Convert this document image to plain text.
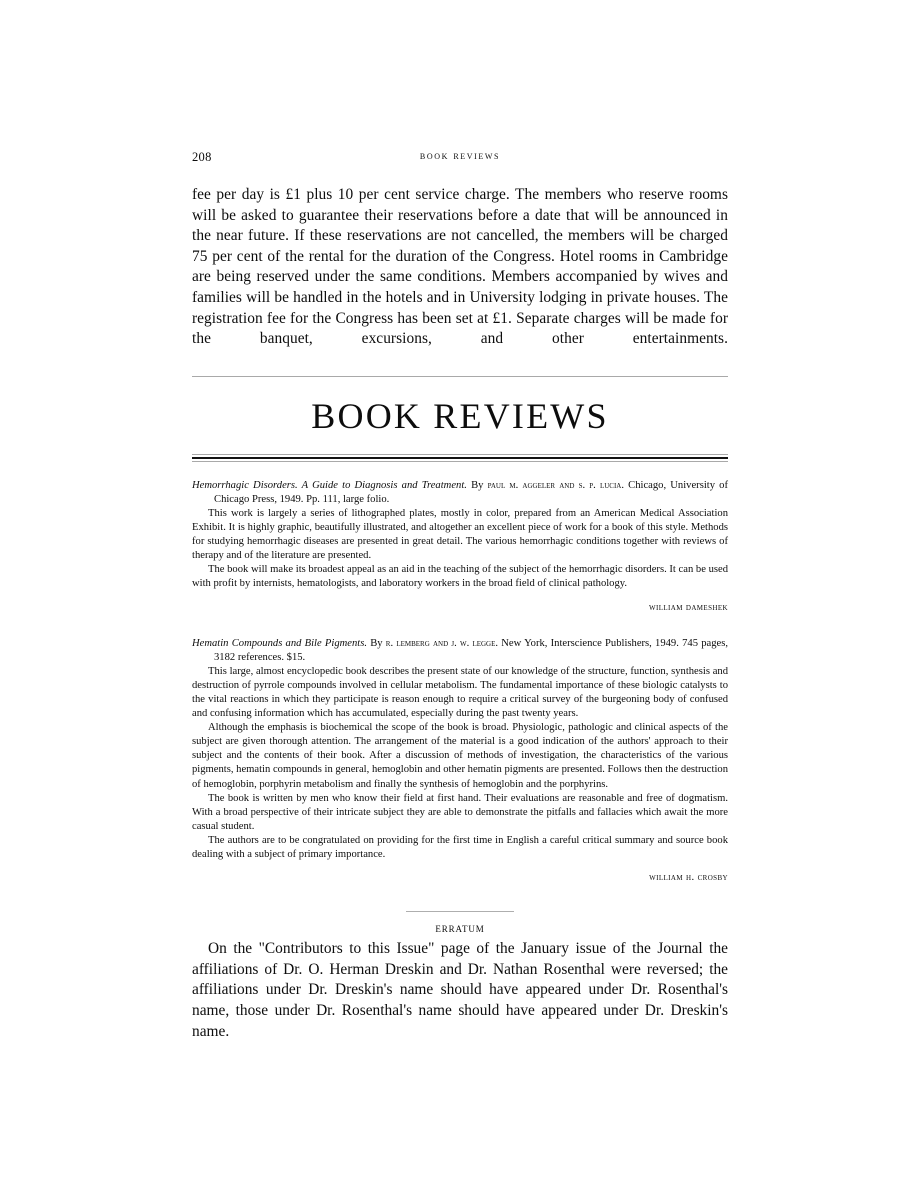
208	book reviews
fee per day is £1 plus 10 per cent service charge. The members who reserve rooms will be asked to guarantee their reservations before a date that will be announced in the near future. If these reservations are not cancelled, the members will be charged 75 per cent of the rental for the duration of the Congress. Hotel rooms in Cambridge are being reserved under the same conditions. Members accompanied by wives and families will be handled in the hotels and in University lodging in private houses. The registration fee for the Congress has been set at £1. Separate charges will be made for the banquet, excursions, and other entertainments.
BOOK REVIEWS

Hemorrhagic Disorders. A Guide to Diagnosis and Treatment. By paul m. aggeler and s. p. lucia. Chicago, University of Chicago Press, 1949. Pp. 111, large folio.

This work is largely a series of lithographed plates, mostly in color, prepared from an American Medical Association Exhibit. It is highly graphic, beautifully illustrated, and altogether an excellent piece of work for a book of this style. Methods for studying hemorrhagic diseases are presented in great detail. The various hemorrhagic conditions together with reviews of therapy and of the literature are presented.

The book will make its broadest appeal as an aid in the teaching of the subject of the hemorrhagic disorders. It can be used with profit by internists, hematologists, and laboratory workers in the broad field of clinical pathology.

william dameshek

Hematin Compounds and Bile Pigments. By r. lemberg and j. w. legge. New York, Interscience Publishers, 1949. 745 pages, 3182 references. $15.

This large, almost encyclopedic book describes the present state of our knowledge of the structure, function, synthesis and destruction of pyrrole compounds involved in cellular metabolism. The fundamental importance of these biologic catalysts to the vital reactions in which they participate is reason enough to require a critical survey of the burgeoning body of confused and confusing information which has accumulated, especially during the past twenty years.

Although the emphasis is biochemical the scope of the book is broad. Physiologic, pathologic and clinical aspects of the subject are given thorough attention. The arrangement of the material is a good indication of the authors' approach to their subject and the contents of their book. After a discussion of methods of investigation, the characteristics of the various pigments, hematin compounds in general, hemoglobin and other hematin pigments are presented. Follows then the destruction of hemoglobin, porphyrin metabolism and finally the synthesis of hemoglobin and the porphyrins.

The book is written by men who know their field at first hand. Their evaluations are reasonable and free of dogmatism. With a broad perspective of their intricate subject they are able to demonstrate the pitfalls and fallacies which await the more casual student.

The authors are to be congratulated on providing for the first time in English a careful critical summary and source book dealing with a subject of primary importance.

william h. crosby
erratum

On the "Contributors to this Issue" page of the January issue of the Journal the affiliations of Dr. O. Herman Dreskin and Dr. Nathan Rosenthal were reversed; the affiliations under Dr. Dreskin's name should have appeared under Dr. Rosenthal's name, those under Dr. Rosenthal's name should have appeared under Dr. Dreskin's name.
